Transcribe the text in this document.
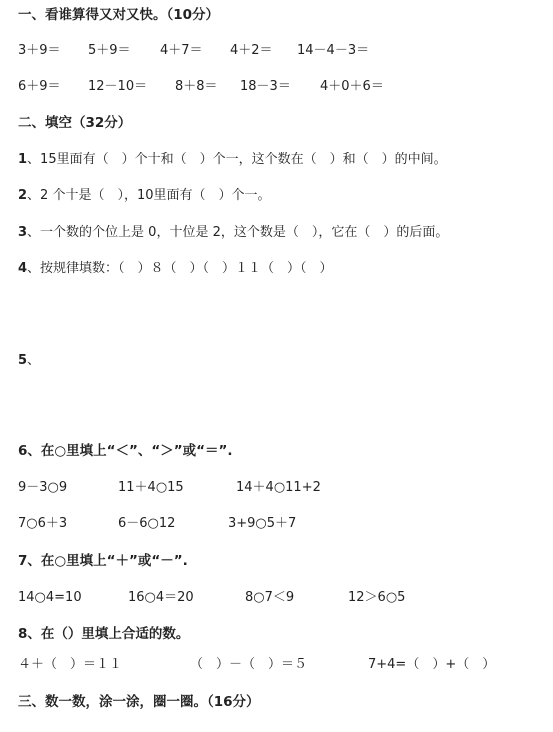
一、看谁算得又对又快。（10分）
3＋9＝ 5＋9＝ 4＋7＝ 4＋2＝ 14－4－3＝
6＋9＝ 12－10＝ 8＋8＝ 18－3＝ 4＋0＋6＝
二、填空（32分）
1、15里面有（　）个十和（　）个一，这个数在（　）和（　）的中间。
2、2 个十是（　），10里面有（　）个一。
3、一个数的个位上是 0，十位是 2，这个数是（　），它在（　）的后面。
4、按规律填数：（　）８（　）（　）１１（　）（　）
5、
6、在○里填上“＜”、“＞”或“＝”.
9－3○9	11＋4○15	14＋4○11+2
7○6＋3	6－6○12	3+9○5＋7
7、在○里填上“＋”或“－”.
14○4=10	16○4＝20	8○7＜9	12＞6○5
8、在（）里填上合适的数。
４＋（　）＝１１	（　）－（　）＝５	7+4=（　）+（　）
三、数一数，涂一涂，圈一圈。（16分）
